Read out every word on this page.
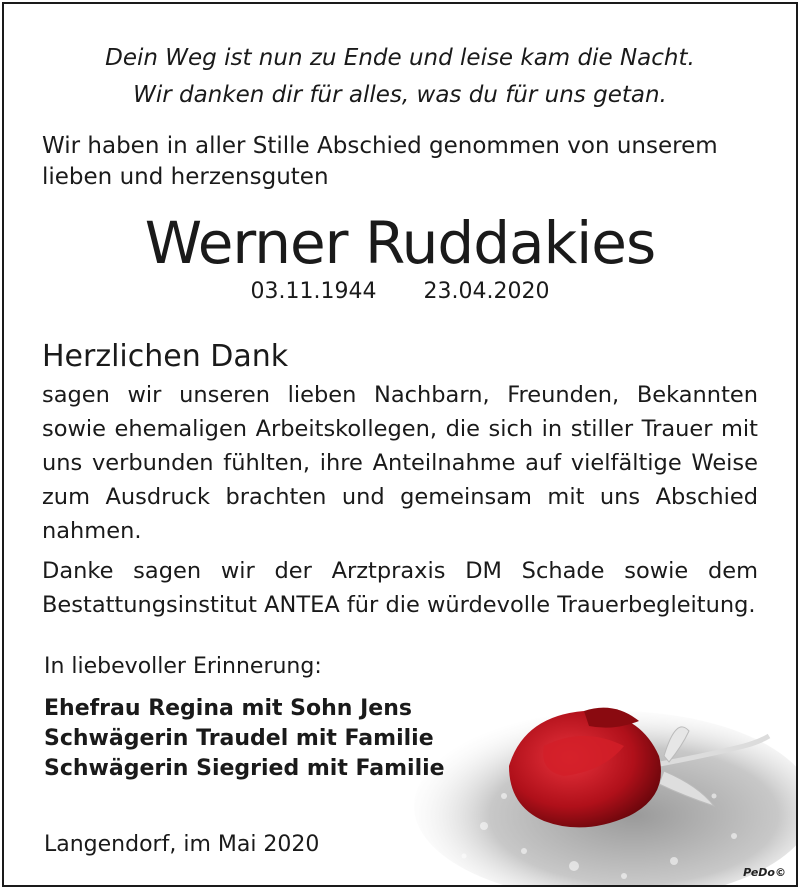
Dein Weg ist nun zu Ende und leise kam die Nacht.
Wir danken dir für alles, was du für uns getan.
Wir haben in aller Stille Abschied genommen von unserem
lieben und herzensguten
Werner Ruddakies
03.11.1944 23.04.2020
Herzlichen Dank
sagen wir unseren lieben Nachbarn, Freunden, Bekannten sowie ehemaligen Arbeitskollegen, die sich in stiller Trauer mit uns verbunden fühlten, ihre Anteilnahme auf vielfältige Weise zum Ausdruck brachten und gemeinsam mit uns Abschied nahmen.
Danke sagen wir der Arztpraxis DM Schade sowie dem Bestattungsinstitut ANTEA für die würdevolle Trauerbegleitung.
In liebevoller Erinnerung:
Ehefrau Regina mit Sohn Jens
Schwägerin Traudel mit Familie
Schwägerin Siegried mit Familie
Langendorf, im Mai 2020
PeDo©
